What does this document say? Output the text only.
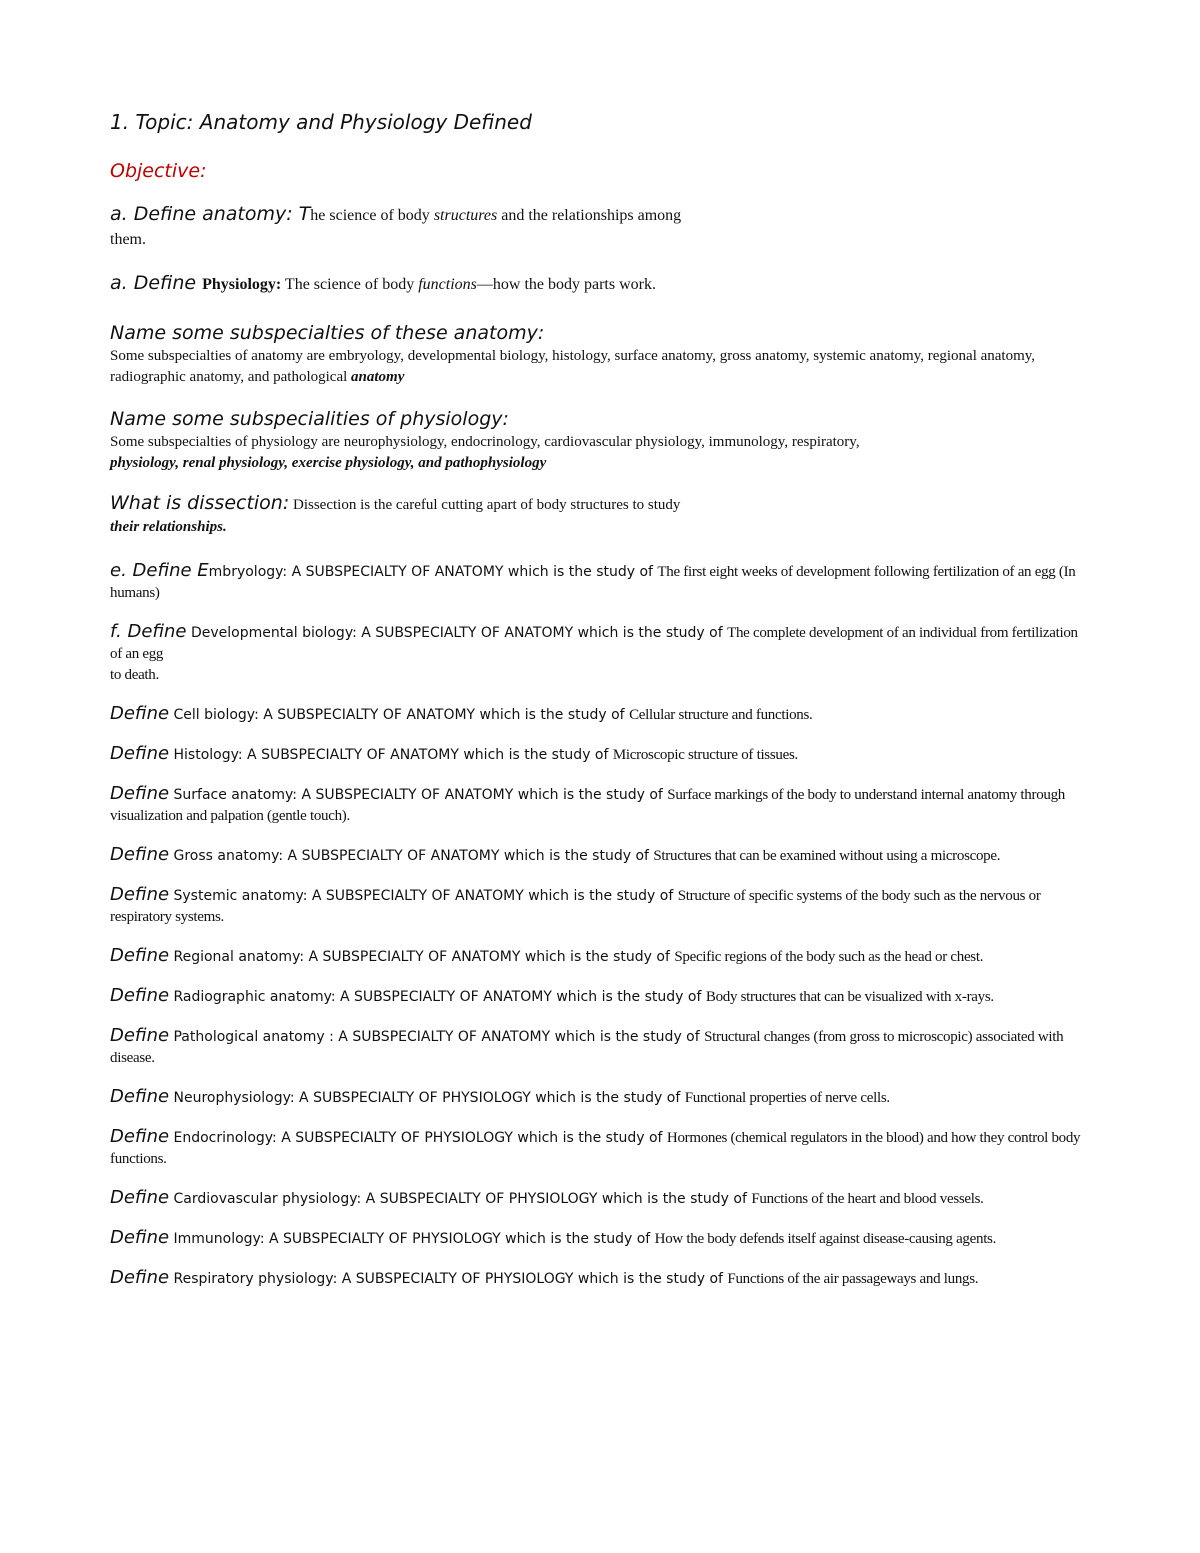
1. Topic: Anatomy and Physiology Defined
Objective:
a. Define anatomy: The science of body structures and the relationships among
them.
a. Define Physiology: The science of body functions—how the body parts work.
Name some subspecialties of these anatomy:
Some subspecialties of anatomy are embryology, developmental biology, histology, surface anatomy, gross anatomy, systemic anatomy, regional anatomy, radiographic anatomy, and pathological anatomy
Name some subspecialities of physiology:
Some subspecialties of physiology are neurophysiology, endocrinology, cardiovascular physiology, immunology, respiratory,
physiology, renal physiology, exercise physiology, and pathophysiology
What is dissection: Dissection is the careful cutting apart of body structures to study
their relationships.
e. Define Embryology: A SUBSPECIALTY OF ANATOMY which is the study of The first eight weeks of development following fertilization of an egg (In humans)
f. Define Developmental biology: A SUBSPECIALTY OF ANATOMY which is the study of The complete development of an individual from fertilization of an egg
to death.
Define Cell biology: A SUBSPECIALTY OF ANATOMY which is the study of Cellular structure and functions.
Define Histology: A SUBSPECIALTY OF ANATOMY which is the study of Microscopic structure of tissues.
Define Surface anatomy: A SUBSPECIALTY OF ANATOMY which is the study of Surface markings of the body to understand internal anatomy through visualization and palpation (gentle touch).
Define Gross anatomy: A SUBSPECIALTY OF ANATOMY which is the study of Structures that can be examined without using a microscope.
Define Systemic anatomy: A SUBSPECIALTY OF ANATOMY which is the study of Structure of specific systems of the body such as the nervous or respiratory systems.
Define Regional anatomy: A SUBSPECIALTY OF ANATOMY which is the study of Specific regions of the body such as the head or chest.
Define Radiographic anatomy: A SUBSPECIALTY OF ANATOMY which is the study of Body structures that can be visualized with x-rays.
Define Pathological anatomy : A SUBSPECIALTY OF ANATOMY which is the study of Structural changes (from gross to microscopic) associated with disease.
Define Neurophysiology: A SUBSPECIALTY OF PHYSIOLOGY which is the study of Functional properties of nerve cells.
Define Endocrinology: A SUBSPECIALTY OF PHYSIOLOGY which is the study of Hormones (chemical regulators in the blood) and how they control body functions.
Define Cardiovascular physiology: A SUBSPECIALTY OF PHYSIOLOGY which is the study of Functions of the heart and blood vessels.
Define Immunology: A SUBSPECIALTY OF PHYSIOLOGY which is the study of How the body defends itself against disease-causing agents.
Define Respiratory physiology: A SUBSPECIALTY OF PHYSIOLOGY which is the study of Functions of the air passageways and lungs.
